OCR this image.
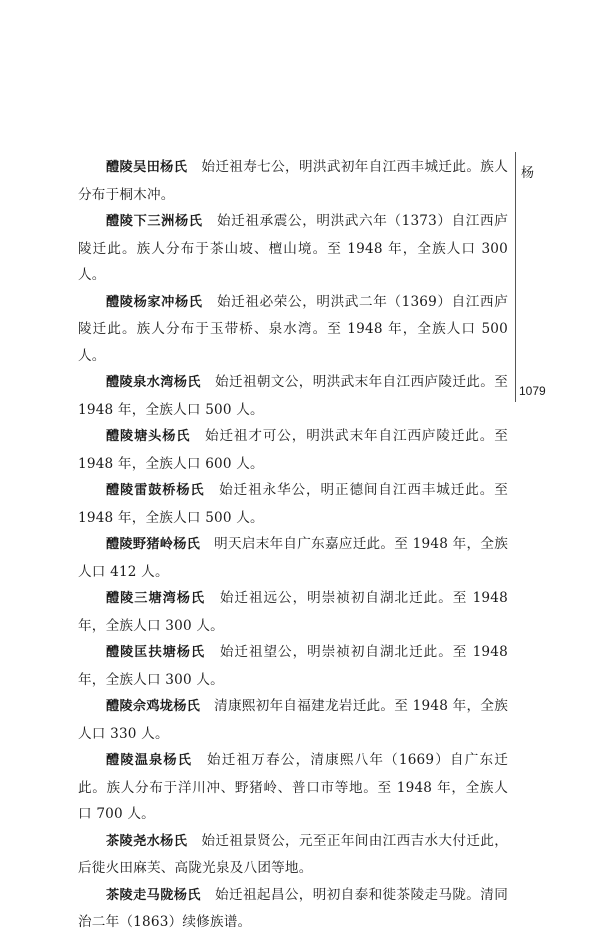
醴陵吴田杨氏 始迁祖寿七公，明洪武初年自江西丰城迁此。族人分布于桐木冲。

醴陵下三洲杨氏 始迁祖承震公，明洪武六年（1373）自江西庐陵迁此。族人分布于茶山坡、檀山境。至 1948 年，全族人口 300 人。

醴陵杨家冲杨氏 始迁祖必荣公，明洪武二年（1369）自江西庐陵迁此。族人分布于玉带桥、泉水湾。至 1948 年，全族人口 500 人。

醴陵泉水湾杨氏 始迁祖朝文公，明洪武末年自江西庐陵迁此。至 1948 年，全族人口 500 人。

醴陵塘头杨氏 始迁祖才可公，明洪武末年自江西庐陵迁此。至 1948 年，全族人口 600 人。

醴陵雷鼓桥杨氏 始迁祖永华公，明正德间自江西丰城迁此。至 1948 年，全族人口 500 人。

醴陵野猪岭杨氏 明天启末年自广东嘉应迁此。至 1948 年，全族人口 412 人。

醴陵三塘湾杨氏 始迁祖远公，明崇祯初自湖北迁此。至 1948 年，全族人口 300 人。

醴陵匡扶塘杨氏 始迁祖望公，明崇祯初自湖北迁此。至 1948 年，全族人口 300 人。

醴陵佘鸡垅杨氏 清康熙初年自福建龙岩迁此。至 1948 年，全族人口 330 人。

醴陵温泉杨氏 始迁祖万春公，清康熙八年（1669）自广东迁此。族人分布于洋川冲、野猪岭、普口市等地。至 1948 年，全族人口 700 人。

茶陵尧水杨氏 始迁祖景贤公，元至正年间由江西吉水大付迁此，后徙火田麻芙、高陇光泉及八团等地。

茶陵走马陇杨氏 始迁祖起昌公，明初自泰和徙茶陵走马陇。清同治二年（1863）续修族谱。

杨
1079
